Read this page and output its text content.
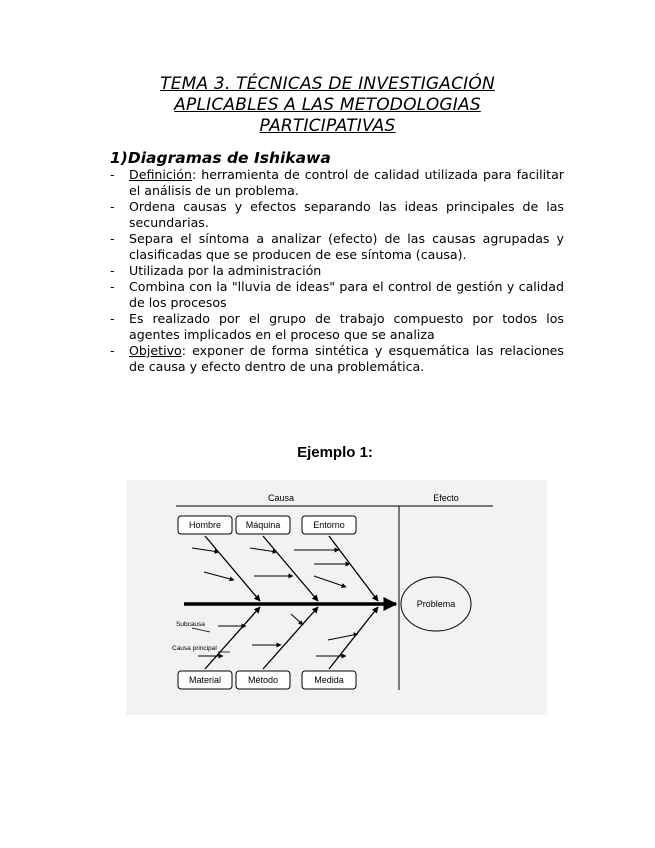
TEMA 3. TÉCNICAS DE INVESTIGACIÓN
APLICABLES A LAS METODOLOGIAS
PARTICIPATIVAS
1)Diagramas de Ishikawa
- Definición: herramienta de control de calidad utilizada para facilitar el análisis de un problema.
- Ordena causas y efectos separando las ideas principales de las secundarias.
- Separa el síntoma a analizar (efecto) de las causas agrupadas y clasificadas que se producen de ese síntoma (causa).
- Utilizada por la administración
- Combina con la "lluvia de ideas" para el control de gestión y calidad de los procesos
- Es realizado por el grupo de trabajo compuesto por todos los agentes implicados en el proceso que se analiza
- Objetivo: exponer de forma sintética y esquemática las relaciones de causa y efecto dentro de una problemática.
Ejemplo 1:
Causa	Efecto
Problema
Hombre	Máquina	Entorno
Material	Método	Medida
Subcausa
Causa principal
